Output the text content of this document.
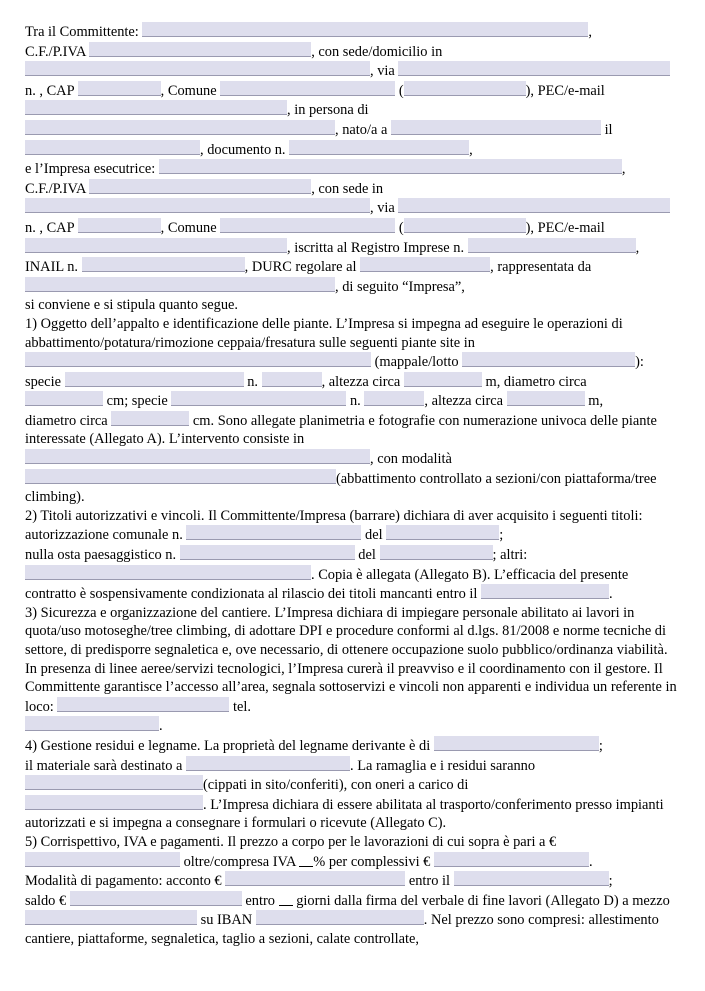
Tra il Committente:	,
C.F./P.IVA	, con sede/domicilio in
, via
n. , CAP	, Comune	(	), PEC/e-mail
, in persona di
, nato/a a	il
, documento n.	,

e l’Impresa esecutrice:	,
C.F./P.IVA	, con sede in
, via
n. , CAP	, Comune	(	), PEC/e-mail
, iscritta al Registro Imprese n.	,
INAIL n.	, DURC regolare al	, rappresentata da
, di seguito “Impresa”,

si conviene e si stipula quanto segue.

1) Oggetto dell’appalto e identificazione delle piante. L’Impresa si impegna ad eseguire le operazioni di abbattimento/potatura/rimozione ceppaia/fresatura sulle seguenti piante site in
(mappale/lotto	):
specie	n.	, altezza circa	m, diametro circa
cm; specie	n.	, altezza circa	m,
diametro circa	cm. Sono allegate planimetria e fotografie con numerazione univoca delle piante interessate (Allegato A). L’intervento consiste in
, con modalità
(abbattimento controllato a sezioni/con piattaforma/tree climbing).

2) Titoli autorizzativi e vincoli. Il Committente/Impresa (barrare) dichiara di aver acquisito i seguenti titoli: autorizzazione comunale n.	del	;
nulla osta paesaggistico n.	del	; altri:
. Copia è allegata (Allegato B). L’efficacia del presente contratto è sospensivamente condizionata al rilascio dei titoli mancanti entro il	.

3) Sicurezza e organizzazione del cantiere. L’Impresa dichiara di impiegare personale abilitato ai lavori in quota/uso motoseghe/tree climbing, di adottare DPI e procedure conformi al d.lgs. 81/2008 e norme tecniche di settore, di predisporre segnaletica e, ove necessario, di ottenere occupazione suolo pubblico/ordinanza viabilità. In presenza di linee aeree/servizi tecnologici, l’Impresa curerà il preavviso e il coordinamento con il gestore. Il Committente garantisce l’accesso all’area, segnala sottoservizi e vincoli non apparenti e individua un referente in loco:	tel.
.

4) Gestione residui e legname. La proprietà del legname derivante è di	;
il materiale sarà destinato a	. La ramaglia e i residui saranno
(cippati in sito/conferiti), con oneri a carico di
. L’Impresa dichiara di essere abilitata al trasporto/conferimento presso impianti autorizzati e si impegna a consegnare i formulari o ricevute (Allegato C).

5) Corrispettivo, IVA e pagamenti. Il prezzo a corpo per le lavorazioni di cui sopra è pari a €
oltre/compresa IVA % per complessivi €	.
Modalità di pagamento: acconto €	entro il	;
saldo €	entro giorni dalla firma del verbale di fine lavori (Allegato D) a mezzo  su IBAN	. Nel prezzo sono compresi: allestimento cantiere, piattaforme, segnaletica, taglio a sezioni, calate controllate,
